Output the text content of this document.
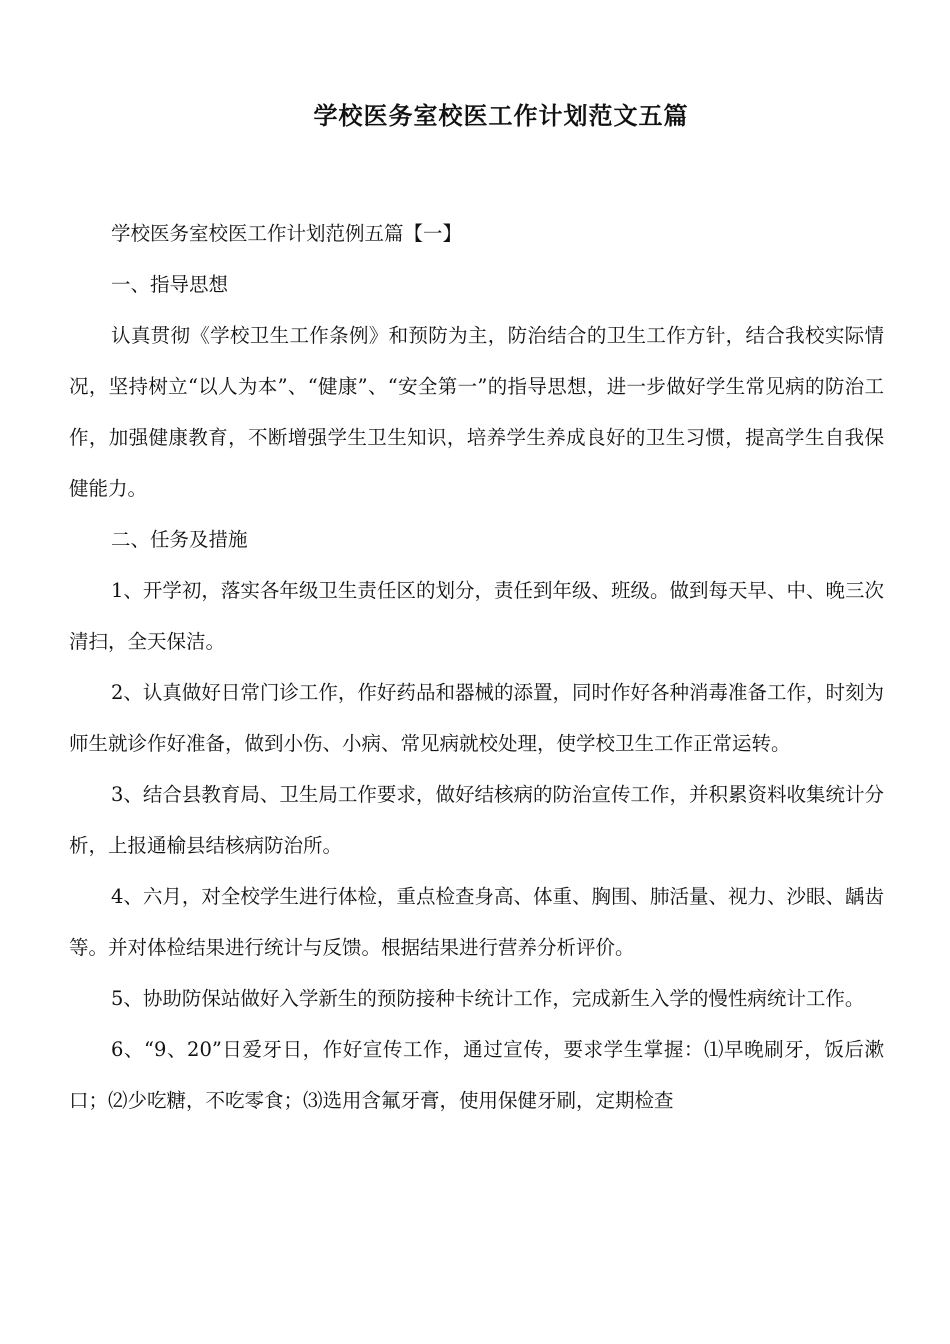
学校医务室校医工作计划范文五篇

学校医务室校医工作计划范例五篇【一】

一、指导思想

认真贯彻《学校卫生工作条例》和预防为主，防治结合的卫生工作方针，结合我校实际情况，坚持树立“以人为本”、“健康”、“安全第一”的指导思想，进一步做好学生常见病的防治工作，加强健康教育，不断增强学生卫生知识，培养学生养成良好的卫生习惯，提高学生自我保健能力。

二、任务及措施

1、开学初，落实各年级卫生责任区的划分，责任到年级、班级。做到每天早、中、晚三次清扫，全天保洁。

2、认真做好日常门诊工作，作好药品和器械的添置，同时作好各种消毒准备工作，时刻为师生就诊作好准备，做到小伤、小病、常见病就校处理，使学校卫生工作正常运转。

3、结合县教育局、卫生局工作要求，做好结核病的防治宣传工作，并积累资料收集统计分析，上报通榆县结核病防治所。

4、六月，对全校学生进行体检，重点检查身高、体重、胸围、肺活量、视力、沙眼、龋齿等。并对体检结果进行统计与反馈。根据结果进行营养分析评价。

5、协助防保站做好入学新生的预防接种卡统计工作，完成新生入学的慢性病统计工作。

6、“9、20”日爱牙日，作好宣传工作，通过宣传，要求学生掌握：⑴早晚刷牙，饭后漱口；⑵少吃糖，不吃零食；⑶选用含氟牙膏，使用保健牙刷，定期检查
